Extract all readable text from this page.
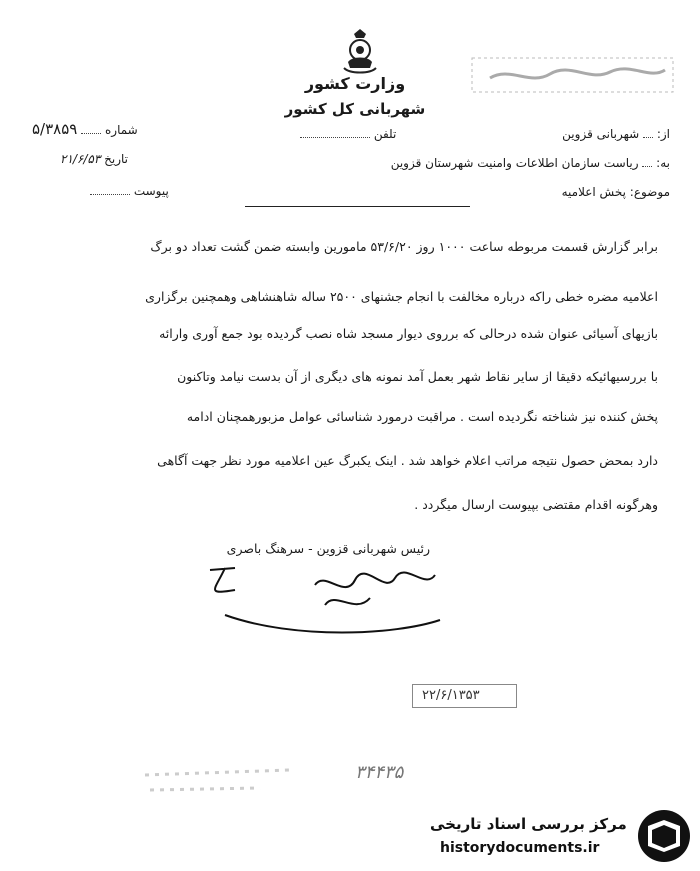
وزارت کشور
شهربانی کل کشور
از:  شهربانی قزوین
به:  ریاست سازمان اطلاعات وامنیت شهرستان قزوین
موضوع: پخش اعلامیه
تلفن
شماره  ۵/۳۸۵۹
تاریخ ۲۱/۶/۵۳
پیوست
برابر گزارش قسمت مربوطه ساعت ۱۰۰۰ روز ۵۳/۶/۲۰ مامورین وابسته ضمن گشت تعداد دو برگ
اعلامیه مضره خطی راکه درباره مخالفت با انجام جشنهای ۲۵۰۰ ساله شاهنشاهی وهمچنین برگزاری
بازیهای آسیائی عنوان شده درحالی که برروی دیوار مسجد شاه نصب گردیده بود جمع آوری وارائه
با بررسیهائیکه دقیقا از سایر نقاط شهر بعمل آمد نمونه های دیگری از آن بدست نیامد وتاکنون
پخش کننده نیز شناخته نگردیده است . مراقبت درمورد شناسائی عوامل مزبورهمچنان ادامه
دارد بمحض حصول نتیجه مراتب اعلام خواهد شد . اینک یکبرگ عین اعلامیه مورد نظر جهت آگاهی
وهرگونه اقدام مقتضی بپیوست ارسال میگردد .
رئیس شهربانی قزوین - سرهنگ باصری
۲۲/۶/۱۳۵۳
۳۴۴۳۵
مرکز بررسی اسناد تاریخی
historydocuments.ir
